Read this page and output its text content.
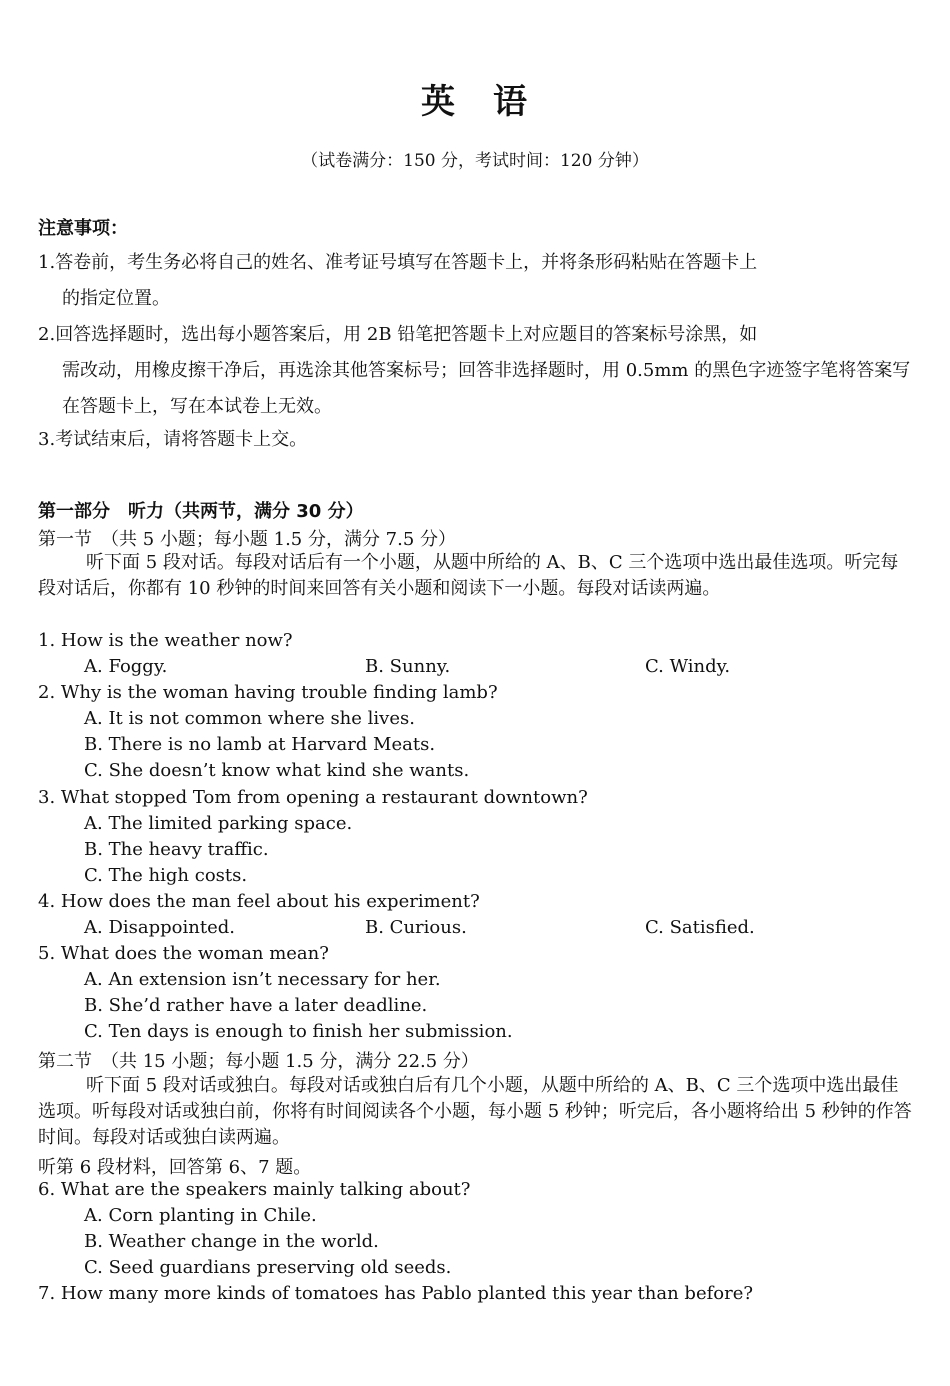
英　语
（试卷满分：150 分，考试时间：120 分钟）
注意事项：
1.答卷前，考生务必将自己的姓名、准考证号填写在答题卡上，并将条形码粘贴在答题卡上
的指定位置。
2.回答选择题时，选出每小题答案后，用 2B 铅笔把答题卡上对应题目的答案标号涂黑，如
需改动，用橡皮擦干净后，再选涂其他答案标号；回答非选择题时，用 0.5mm 的黑色字迹签字笔将答案写在答题卡上，写在本试卷上无效。
3.考试结束后，请将答题卡上交。
第一部分　听力（共两节，满分 30 分）
第一节　（共 5 小题；每小题 1.5 分，满分 7.5 分）
听下面 5 段对话。每段对话后有一个小题，从题中所给的 A、B、C 三个选项中选出最佳选项。听完每段对话后，你都有 10 秒钟的时间来回答有关小题和阅读下一小题。每段对话读两遍。
1. How is the weather now?
A. Foggy.	B. Sunny.	C. Windy.
2. Why is the woman having trouble finding lamb?
A. It is not common where she lives.
B. There is no lamb at Harvard Meats.
C. She doesn’t know what kind she wants.
3. What stopped Tom from opening a restaurant downtown?
A. The limited parking space.
B. The heavy traffic.
C. The high costs.
4. How does the man feel about his experiment?
A. Disappointed.	B. Curious.	C. Satisfied.
5. What does the woman mean?
A. An extension isn’t necessary for her.
B. She’d rather have a later deadline.
C. Ten days is enough to finish her submission.
第二节　（共 15 小题；每小题 1.5 分，满分 22.5 分）
听下面 5 段对话或独白。每段对话或独白后有几个小题，从题中所给的 A、B、C 三个选项中选出最佳选项。听每段对话或独白前，你将有时间阅读各个小题，每小题 5 秒钟；听完后，各小题将给出 5 秒钟的作答时间。每段对话或独白读两遍。
听第 6 段材料，回答第 6、7 题。
6. What are the speakers mainly talking about?
A. Corn planting in Chile.
B. Weather change in the world.
C. Seed guardians preserving old seeds.
7. How many more kinds of tomatoes has Pablo planted this year than before?
